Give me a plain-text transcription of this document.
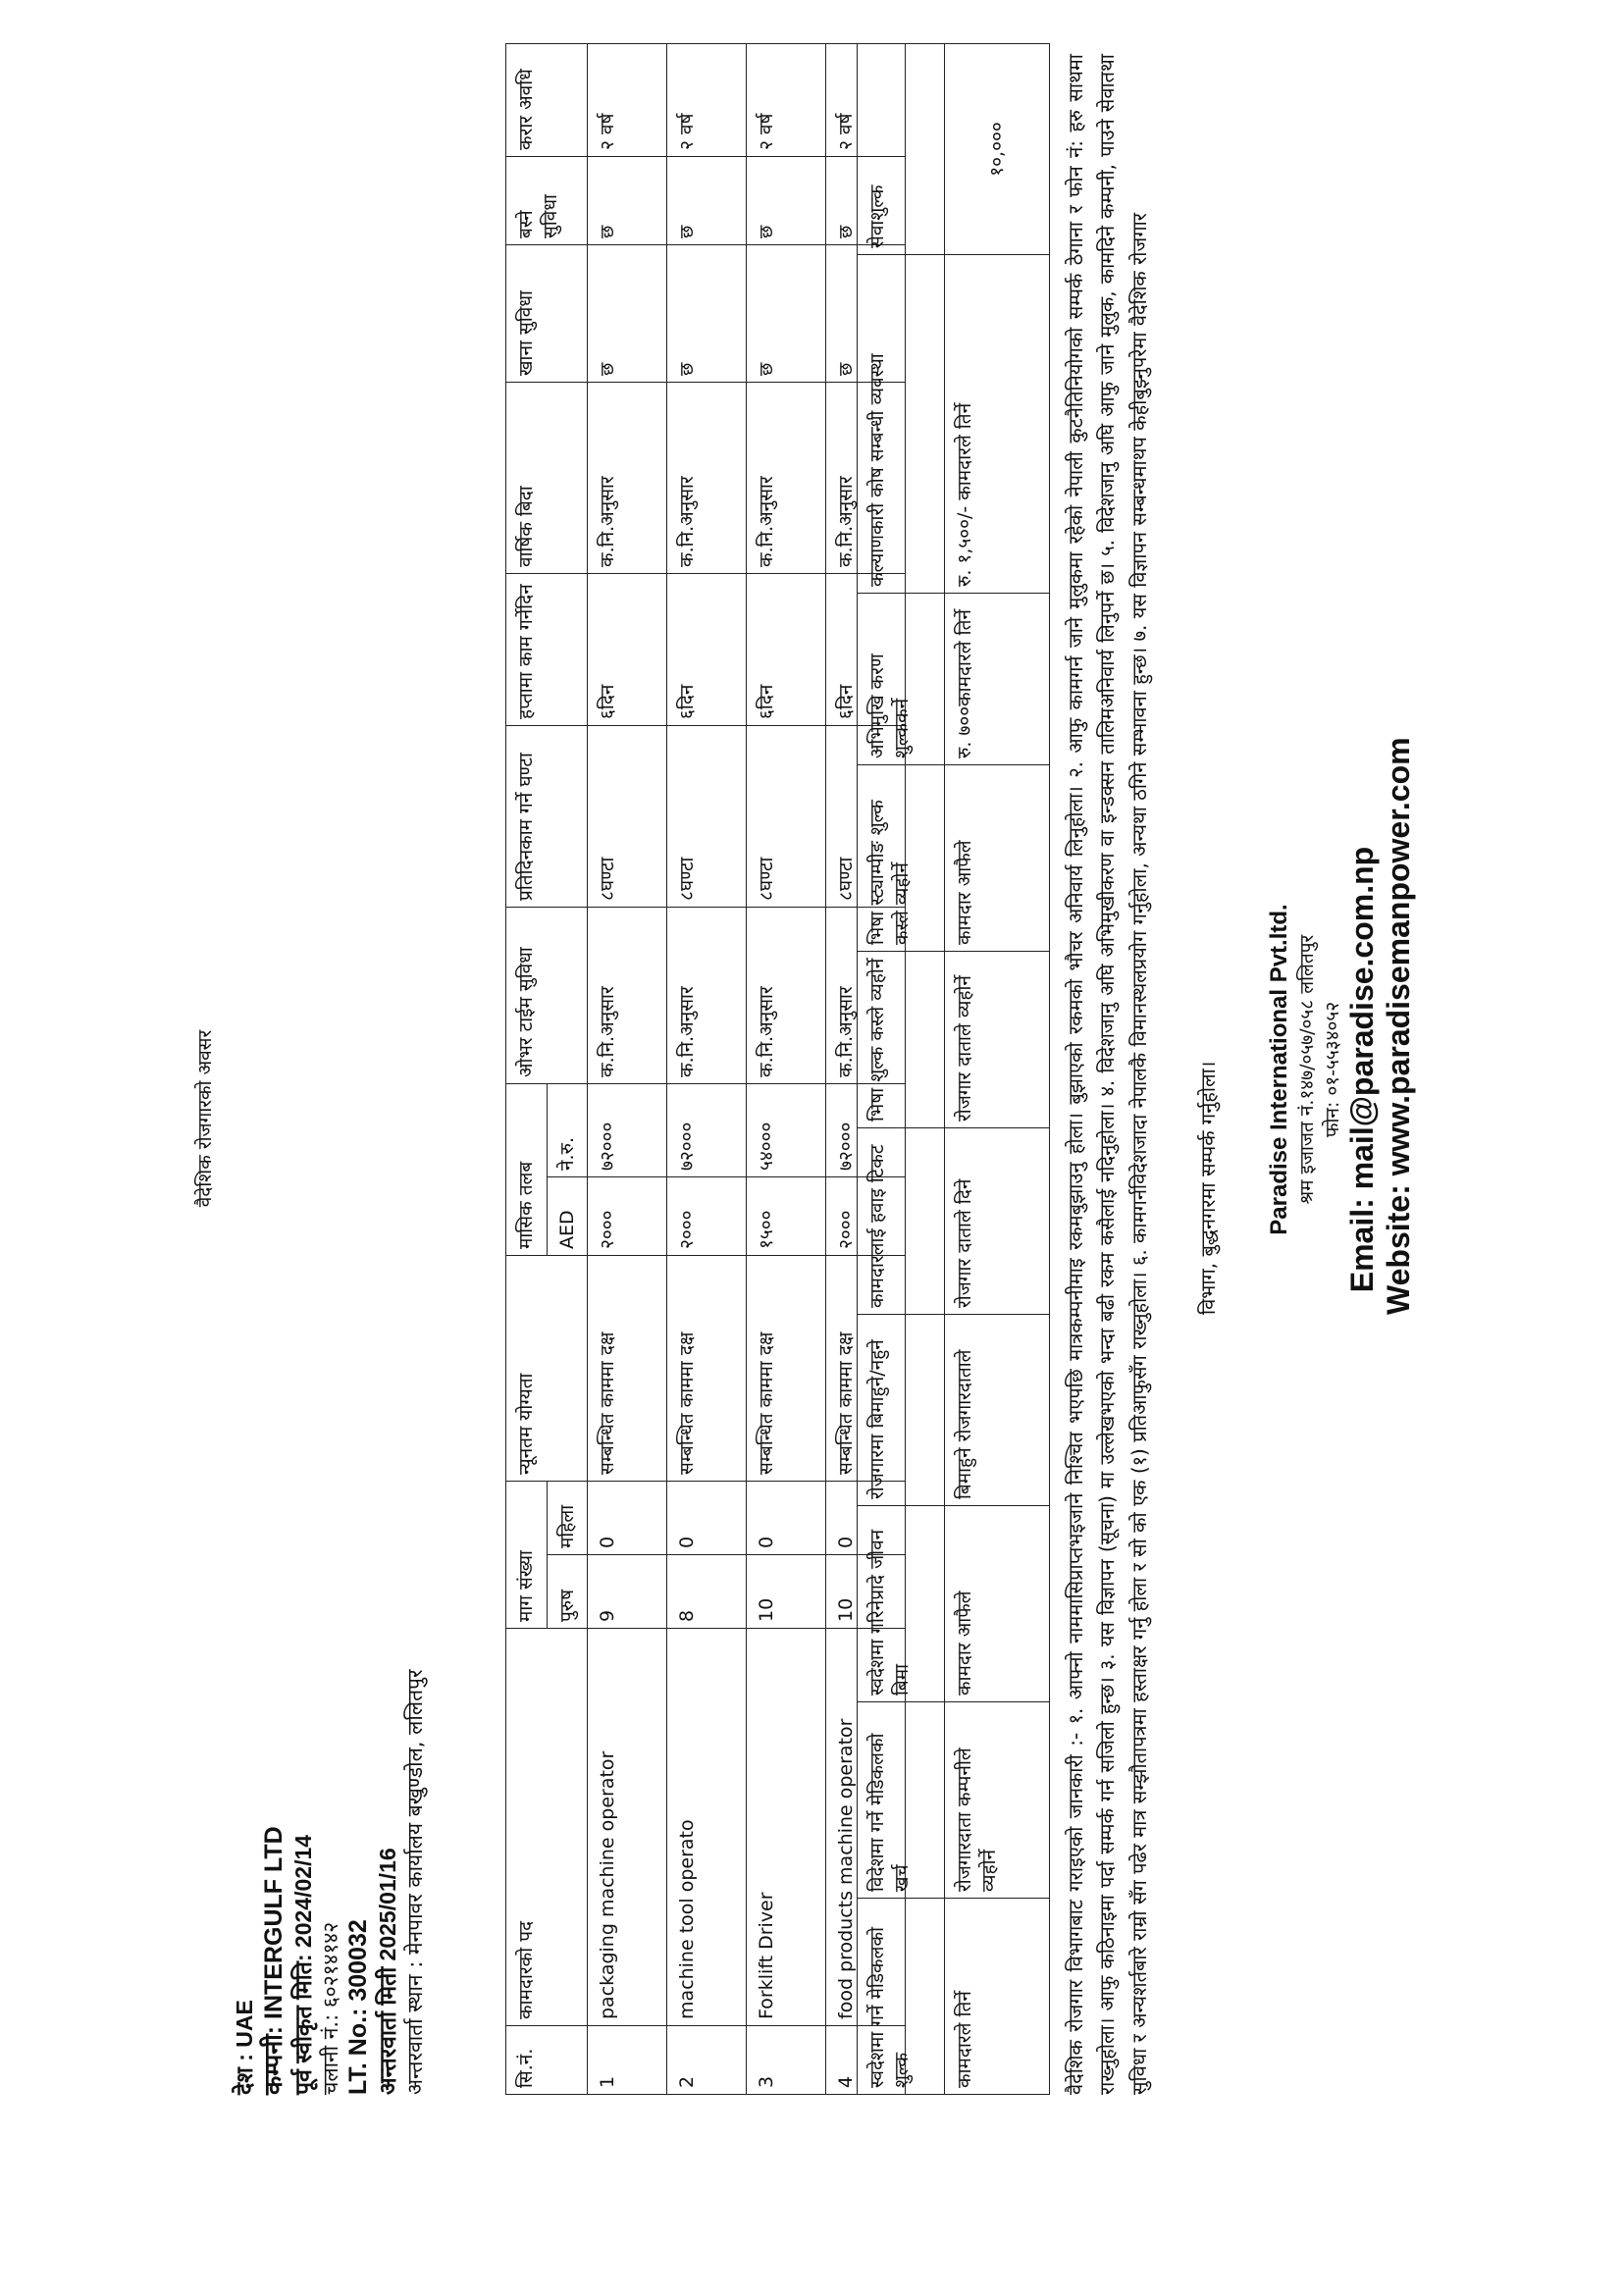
वैदेशिक रोजगारको अवसर
देश : UAE कम्पनी: INTERGULF LTD पूर्व स्वीकृत मिति: 2024/02/14 चलानी नं.: ६०२१४१४२ LT. No.: 300032 अन्तरवार्ता मिती 2025/01/16 अन्तरवार्ता स्थान : मेनपावर कार्यालय बखुण्डोल, ललितपुर	सि.नं.	कामदारको पद	माग संख्या		न्यूनतम योग्यता	मासिक तलब		ओभर टाईम सुविधा	प्रतिदिनकाम गर्ने घण्टा	हप्तामा काम गर्नेदिन	वार्षिक बिदा	खाना सुविधा	बस्ने सुविधा	करार अवधि
		पुरुष	महिला		AED	ने.रु.							
1	packaging machine operator	9	0	सम्बन्धित काममा दक्ष	२०००	७२०००	क.नि.अनुसार	८घण्टा	६दिन	क.नि.अनुसार	छ	छ	२ वर्ष
2	machine tool operato	8	0	सम्बन्धित काममा दक्ष	२०००	७२०००	क.नि.अनुसार	८घण्टा	६दिन	क.नि.अनुसार	छ	छ	२ वर्ष
3	Forklift Driver	10	0	सम्बन्धित काममा दक्ष	१५००	५४०००	क.नि.अनुसार	८घण्टा	६दिन	क.नि.अनुसार	छ	छ	२ वर्ष
4	food products machine operator	10	0	सम्बन्धित काममा दक्ष	२०००	७२०००	क.नि.अनुसार	८घण्टा	६दिन	क.नि.अनुसार	छ	छ	२ वर्ष
स्वदेशमा गर्ने मेडिकलको शुल्क	विदेशमा गर्ने मेडिकलको खर्च	स्वदेशमा गरिनेप्रादे जीवन बिमा	रोजगारमा बिमाहुने/नहुने	कामदारलाई हवाइ टिकट	भिषा शुल्क कस्ले व्यहोर्ने	भिषा स्ट्याम्पीङ शुल्क कस्ले व्यहोर्ने	अभिमुखि करण शुल्ककर्ने	कल्याणकारी कोष सम्बन्धी व्यवस्था	सेवाशुल्क
कामदारले तिर्ने	रोजगारदाता कम्पनीले व्यहोर्ने	कामदार आफैले	बिमाहुने रोजगारदाताले	रोजगार दाताले दिने	रोजगार दाताले व्यहोर्ने	कामदार आफैले	रु. ७००कामदारले तिर्ने	रु. १,५००/- कामदारले तिर्ने	१०,०००	वैदेशिक रोजगार विभागबाट गराइएको जानकारी :- १. आफ्नो नाममासिप्राप्तभइजाने निश्चित भएपछि मात्रकम्पनीमाइ रकमबुझाउनु होला। बुझाएको रकमको भौचर अनिवार्य लिनुहोला। २. आफु कामगर्न जाने मुलुकमा रहेको नेपाली कुटनैतिनियोगको सम्पर्क ठेगाना र फोन नं: हरु साथमा राख्नुहोला। आफु कठिनाइमा पर्दा सम्पर्क गर्न सजिलो हुन्छ। ३. यस विज्ञापन (सूचना) मा उल्लेखभएको भन्दा बढी रकम कसैलाई नदिनुहोला। ४. विदेशजानु अघि अभिमुखीकरण वा इन्डक्सन तालिमअनिवार्य लिनुपर्ने छ। ५. विदेशजानु अघि आफु जाने मुलुक, कामदिने कम्पनी, पाउने सेवातथा सुविधा र अन्यशर्तबारे राम्रो सँग पढेर मात्र सम्झौतापत्रमा हस्ताक्षर गर्नु होला र सो को एक (१) प्रतिआफुसँग राख्नुहोला। ६. कामगर्नविदेशजादा नेपालकै विमानस्थलप्रयोग गर्नुहोला, अन्यथा ठगिने सम्भावना हुन्छ। ७. यस विज्ञापन सम्बन्धमाथप केहीबुझ्नुपरेमा वैदेशिक रोजगार विभाग, बुद्धनगरमा सम्पर्क गर्नुहोला। Paradise International Pvt.ltd. श्रम इजाजत नं.१४७/०५७/०५८ ललितपुर फोन: ०१-५५३४०५२ Email: mail@paradise.com.np Website: www.paradisemanpower.com
